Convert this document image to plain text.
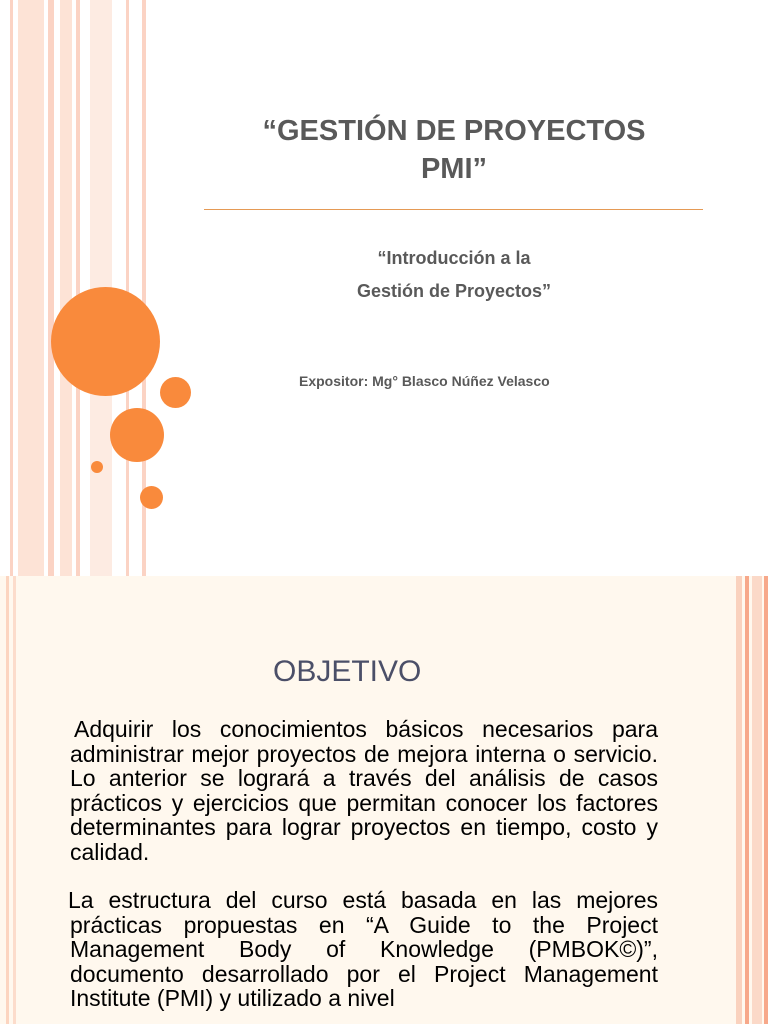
“GESTIÓN DE PROYECTOS
PMI”
“Introducción a la
Gestión de Proyectos”
Expositor: Mg° Blasco Núñez Velasco
OBJETIVO

Adquirir los conocimientos básicos necesarios para administrar mejor proyectos de mejora interna o servicio. Lo anterior se logrará a través del análisis de casos prácticos y ejercicios que permitan conocer los factores determinantes para lograr proyectos en tiempo, costo y calidad.

La estructura del curso está basada en las mejores prácticas propuestas en “A Guide to the Project Management Body of Knowledge (PMBOK©)”, documento desarrollado por el Project Management Institute (PMI) y utilizado a nivel
